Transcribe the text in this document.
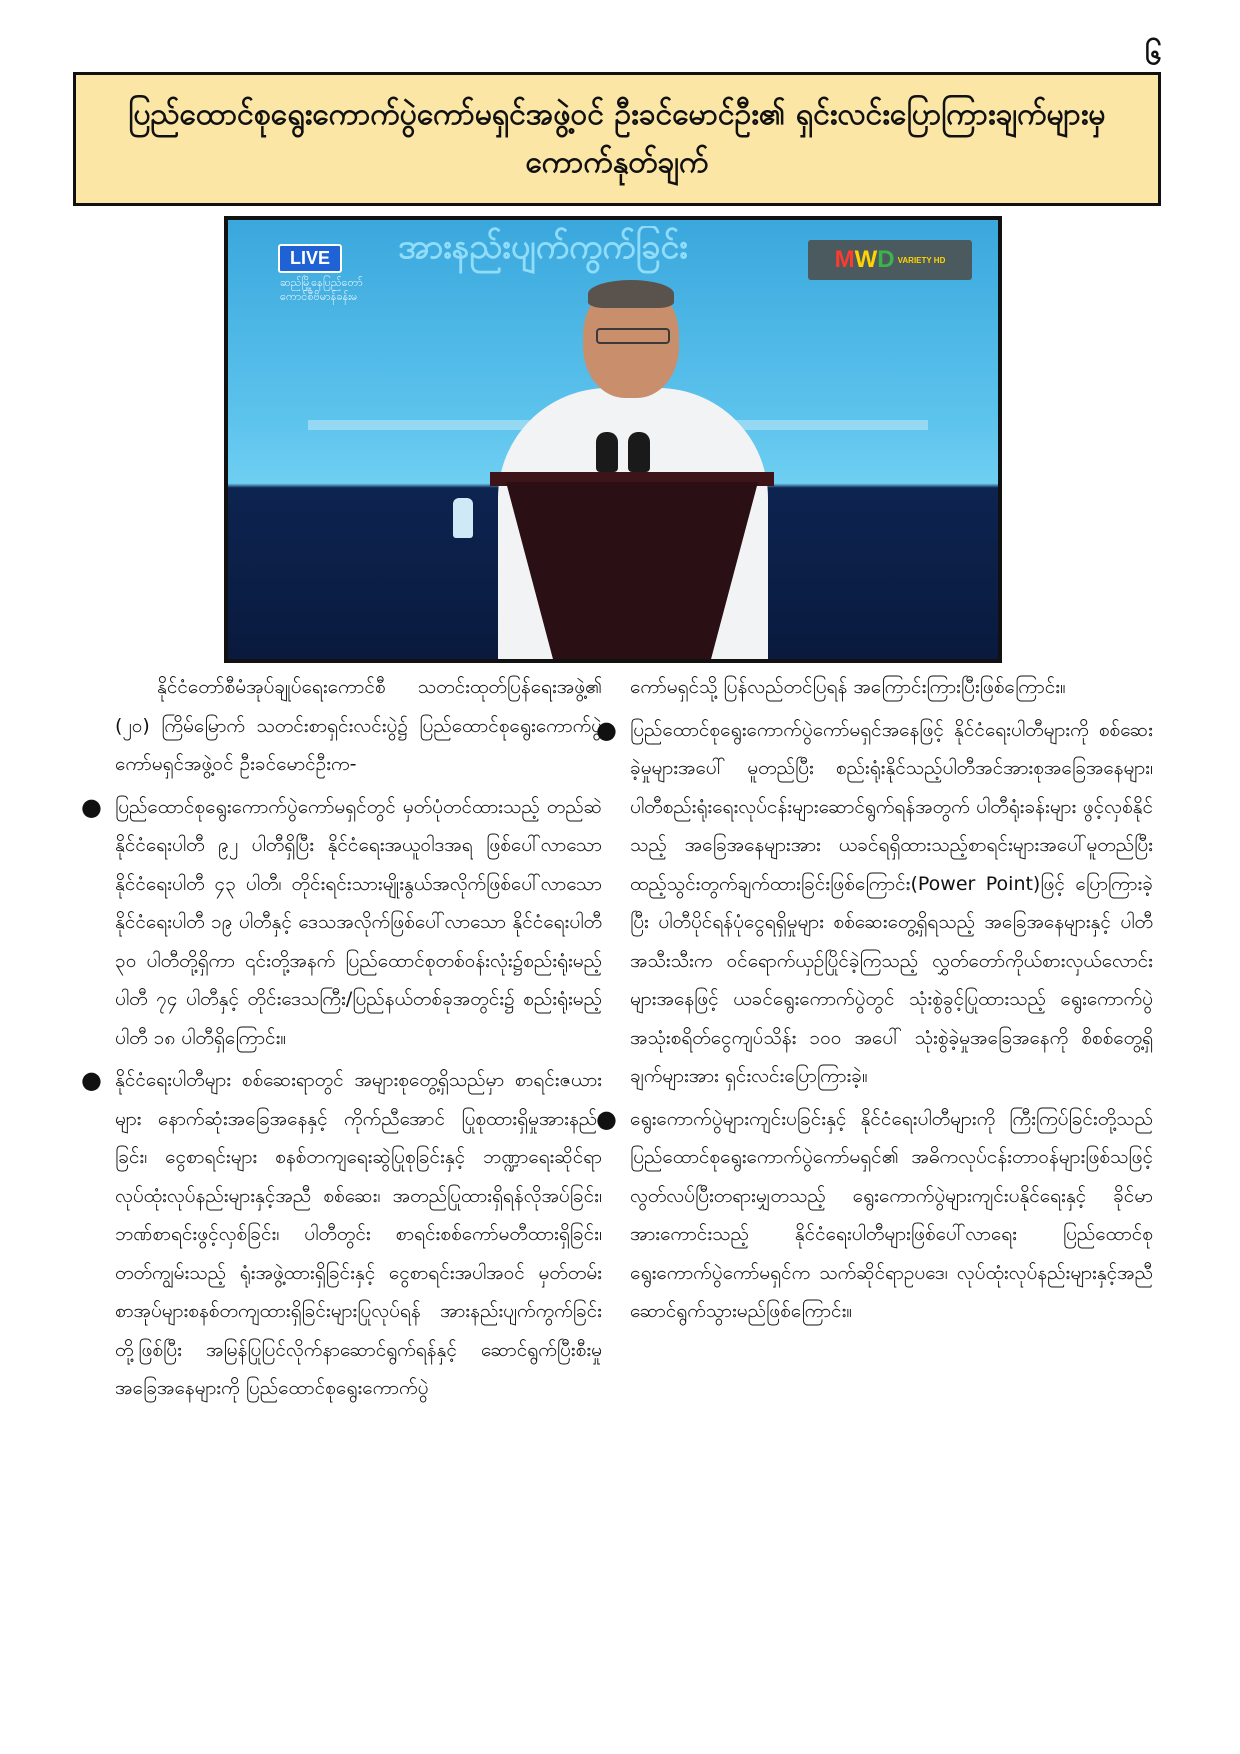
၆
ပြည်ထောင်စုရွေးကောက်ပွဲကော်မရှင်အဖွဲ့ဝင် ဦးခင်မောင်ဦး၏ ရှင်းလင်းပြောကြားချက်များမှ
ကောက်နုတ်ချက်
အားနည်းပျက်ကွက်ခြင်း
LIVE
ဆည်မြို့နေပြည်တော်
ကောင်စီဗိမာန်ခန်းမ
M W D VARIETY HD

နိုင်ငံတော်စီမံအုပ်ချုပ်ရေးကောင်စီ သတင်းထုတ်ပြန်ရေးအဖွဲ့၏ (၂၀) ကြိမ်မြောက် သတင်းစာရှင်းလင်းပွဲ၌ ပြည်ထောင်စုရွေးကောက်ပွဲကော်မရှင်အဖွဲ့ဝင် ဦးခင်မောင်ဦးက-

● ပြည်ထောင်စုရွေးကောက်ပွဲကော်မရှင်တွင် မှတ်ပုံတင်ထားသည့် တည်ဆဲနိုင်ငံရေးပါတီ ၉၂ ပါတီရှိပြီး နိုင်ငံရေးအယူဝါဒအရ ဖြစ်ပေါ်လာသော နိုင်ငံရေးပါတီ ၄၃ ပါတီ၊ တိုင်းရင်းသားမျိုးနွယ်အလိုက်ဖြစ်ပေါ်လာသော နိုင်ငံရေးပါတီ ၁၉ ပါတီနှင့် ဒေသအလိုက်ဖြစ်ပေါ်လာသော နိုင်ငံရေးပါတီ ၃၀ ပါတီတို့ရှိကာ ၎င်းတို့အနက် ပြည်ထောင်စုတစ်ဝန်းလုံး၌စည်းရုံးမည့်ပါတီ ၇၄ ပါတီနှင့် တိုင်းဒေသကြီး/ပြည်နယ်တစ်ခုအတွင်း၌ စည်းရုံးမည့်ပါတီ ၁၈ ပါတီရှိကြောင်း။

● နိုင်ငံရေးပါတီများ စစ်ဆေးရာတွင် အများစုတွေ့ရှိသည်မှာ စာရင်းဇယားများ နောက်ဆုံးအခြေအနေနှင့် ကိုက်ညီအောင် ပြုစုထားရှိမှုအားနည်းခြင်း၊ ငွေစာရင်းများ စနစ်တကျရေးဆွဲပြုစုခြင်းနှင့် ဘဏ္ဍာရေးဆိုင်ရာ လုပ်ထုံးလုပ်နည်းများနှင့်အညီ စစ်ဆေး၊ အတည်ပြုထားရှိရန်လိုအပ်ခြင်း၊ ဘဏ်စာရင်းဖွင့်လှစ်ခြင်း၊ ပါတီတွင်း စာရင်းစစ်ကော်မတီထားရှိခြင်း၊ တတ်ကျွမ်းသည့် ရုံးအဖွဲ့ထားရှိခြင်းနှင့် ငွေစာရင်းအပါအဝင် မှတ်တမ်းစာအုပ်များစနစ်တကျထားရှိခြင်းများပြုလုပ်ရန် အားနည်းပျက်ကွက်ခြင်းတို့ဖြစ်ပြီး အမြန်ပြုပြင်လိုက်နာဆောင်ရွက်ရန်နှင့် ဆောင်ရွက်ပြီးစီးမှုအခြေအနေများကို ပြည်ထောင်စုရွေးကောက်ပွဲ

ကော်မရှင်သို့ ပြန်လည်တင်ပြရန် အကြောင်းကြားပြီးဖြစ်ကြောင်း။

● ပြည်ထောင်စုရွေးကောက်ပွဲကော်မရှင်အနေဖြင့် နိုင်ငံရေးပါတီများကို စစ်ဆေးခဲ့မှုများအပေါ် မူတည်ပြီး စည်းရုံးနိုင်သည့်ပါတီအင်အားစုအခြေအနေများ၊ ပါတီစည်းရုံးရေးလုပ်ငန်းများဆောင်ရွက်ရန်အတွက် ပါတီရုံးခန်းများ ဖွင့်လှစ်နိုင်သည့် အခြေအနေများအား ယခင်ရရှိထားသည့်စာရင်းများအပေါ်မူတည်ပြီး ထည့်သွင်းတွက်ချက်ထားခြင်းဖြစ်ကြောင်း(Power Point)ဖြင့် ပြောကြားခဲ့ပြီး ပါတီပိုင်ရန်ပုံငွေရရှိမှုများ စစ်ဆေးတွေ့ရှိရသည့် အခြေအနေများနှင့် ပါတီအသီးသီးက ဝင်ရောက်ယှဉ်ပြိုင်ခဲ့ကြသည့် လွှတ်တော်ကိုယ်စားလှယ်လောင်းများအနေဖြင့် ယခင်ရွေးကောက်ပွဲတွင် သုံးစွဲခွင့်ပြုထားသည့် ရွေးကောက်ပွဲအသုံးစရိတ်ငွေကျပ်သိန်း ၁၀၀ အပေါ် သုံးစွဲခဲ့မှုအခြေအနေကို စိစစ်တွေ့ရှိချက်များအား ရှင်းလင်းပြောကြားခဲ့။

● ရွေးကောက်ပွဲများကျင်းပခြင်းနှင့် နိုင်ငံရေးပါတီများကို ကြီးကြပ်ခြင်းတို့သည် ပြည်ထောင်စုရွေးကောက်ပွဲကော်မရှင်၏ အဓိကလုပ်ငန်းတာဝန်များဖြစ်သဖြင့် လွတ်လပ်ပြီးတရားမျှတသည့် ရွေးကောက်ပွဲများကျင်းပနိုင်ရေးနှင့် ခိုင်မာအားကောင်းသည့် နိုင်ငံရေးပါတီများဖြစ်ပေါ်လာရေး ပြည်ထောင်စုရွေးကောက်ပွဲကော်မရှင်က သက်ဆိုင်ရာဥပဒေ၊ လုပ်ထုံးလုပ်နည်းများနှင့်အညီ ဆောင်ရွက်သွားမည်ဖြစ်ကြောင်း။
